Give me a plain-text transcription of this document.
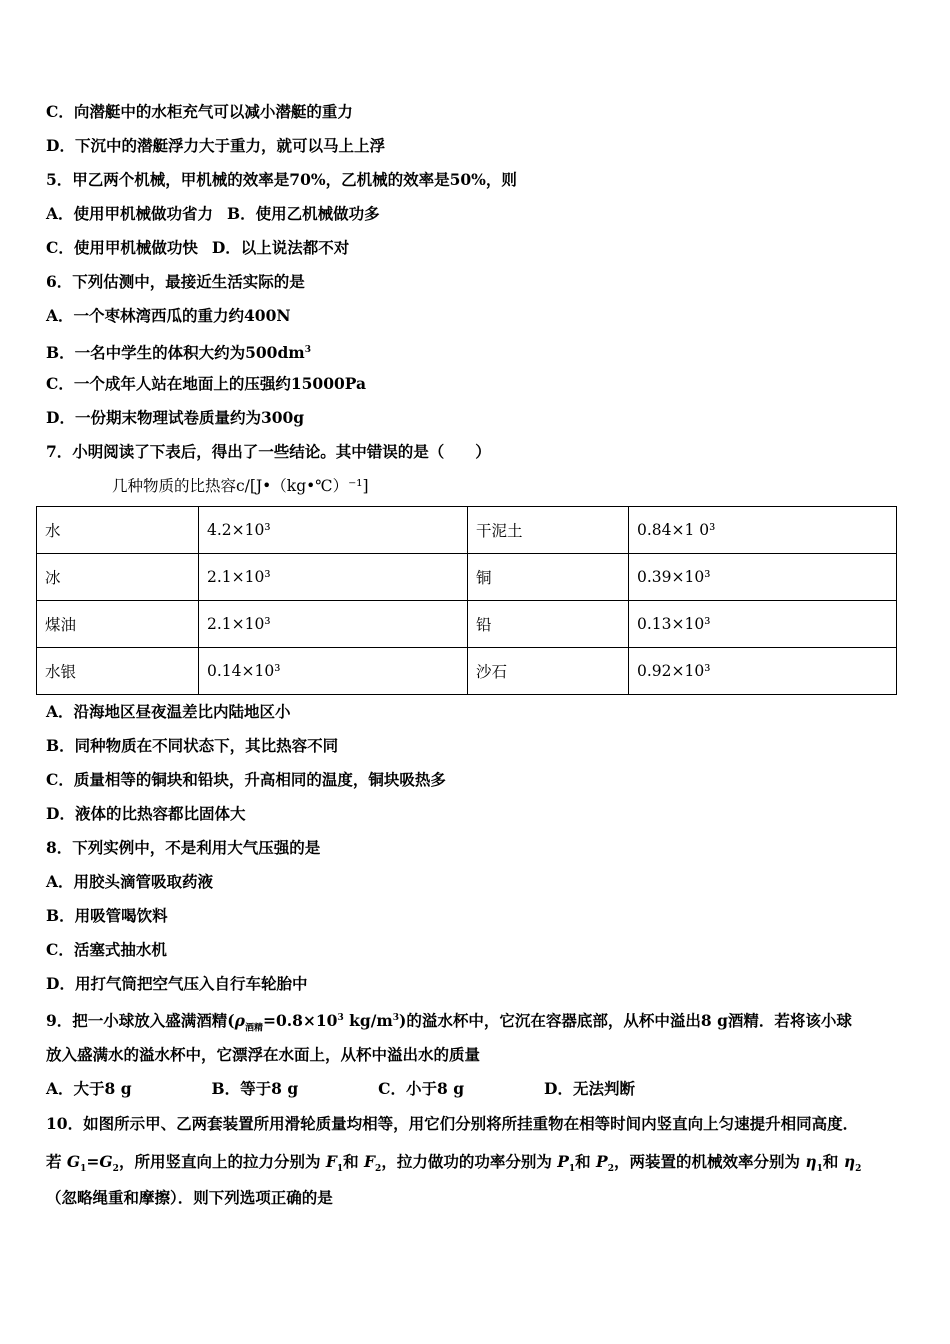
C．向潜艇中的水柜充气可以减小潜艇的重力
D．下沉中的潜艇浮力大于重力，就可以马上上浮
5．甲乙两个机械，甲机械的效率是70%，乙机械的效率是50%，则
A．使用甲机械做功省力 B．使用乙机械做功多
C．使用甲机械做功快 D．以上说法都不对
6．下列估测中，最接近生活实际的是
A．一个枣林湾西瓜的重力约400N
B．一名中学生的体积大约为$500dm^3$
C．一个成年人站在地面上的压强约15000Pa
D．一份期末物理试卷质量约为300g
7．小明阅读了下表后，得出了一些结论。其中错误的是（　　）
几种物质的比热容c/[J•（kg•℃）⁻¹]
水	4.2×10³	干泥土	0.84×1 0³
冰	2.1×10³	铜	0.39×10³
煤油	2.1×10³	铅	0.13×10³
水银	0.14×10³	沙石	0.92×10³
A．沿海地区昼夜温差比内陆地区小
B．同种物质在不同状态下，其比热容不同
C．质量相等的铜块和铅块，升高相同的温度，铜块吸热多
D．液体的比热容都比固体大
8．下列实例中，不是利用大气压强的是
A．用胶头滴管吸取药液
B．用吸管喝饮料
C．活塞式抽水机
D．用打气筒把空气压入自行车轮胎中
9．把一小球放入盛满酒精($\rho_{酒精}=0.8\times 10^3$ $kg/m^3$)的溢水杯中，它沉在容器底部，从杯中溢出8 g酒精．若将该小球
放入盛满水的溢水杯中，它漂浮在水面上，从杯中溢出水的质量
A．大于8 g	B．等于8 g	C．小于8 g	D．无法判断
10．如图所示甲、乙两套装置所用滑轮质量均相等，用它们分别将所挂重物在相等时间内竖直向上匀速提升相同高度．
若 $G_1=G_2$，所用竖直向上的拉力分别为 $F_1$和 $F_2$，拉力做功的功率分别为 $P_1$和 $P_2$，两装置的机械效率分别为 $\eta_1$和 $\eta_2$
（忽略绳重和摩擦）．则下列选项正确的是
